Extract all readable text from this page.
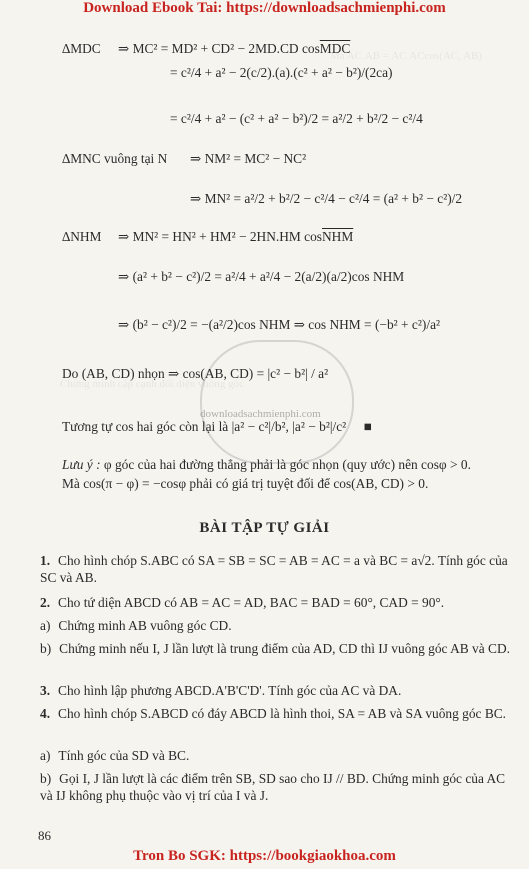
Download Ebook Tai: https://downloadsachmienphi.com
Mà AC.AB = AC.ACcos(AC, AB)
Chứng minh cặp cạnh đối diện vuông góc
∆MDC ⇒ MC² = MD² + CD² − 2MD.CD $\cos\overline{MDC}$
= c²/4 + a² − 2(c/2).(a).(c² + a² − b²)/(2ca)
= c²/4 + a² − (c² + a² − b²)/2 = a²/2 + b²/2 − c²/4
∆MNC vuông tại N ⇒ NM² = MC² − NC²
⇒ MN² = a²/2 + b²/2 − c²/4 − c²/4 = (a² + b² − c²)/2
∆NHM ⇒ MN² = HN² + HM² − 2HN.HM $\cos\overline{NHM}$
⇒ (a² + b² − c²)/2 = a²/4 + a²/4 − 2(a/2)(a/2)cos NHM
⇒ (b² − c²)/2 = −(a²/2)cos NHM ⇒ cos NHM = (−b² + c²)/a²
Do (AB, CD) nhọn ⇒ cos(AB, CD) = |c² − b²| / a²
Tương tự cos hai góc còn lại là |a² − c²|/b², |a² − b²|/c² ■
Lưu ý : φ góc của hai đường thẳng phải là góc nhọn (quy ước) nên cosφ > 0.
Mà cos(π − φ) = −cosφ phải có giá trị tuyệt đối để cos(AB, CD) > 0.
downloadsachmienphi.com
BÀI TẬP TỰ GIẢI
1. Cho hình chóp S.ABC có SA = SB = SC = AB = AC = a và BC = a√2. Tính góc của SC và AB.
2. Cho tứ diện ABCD có AB = AC = AD, BAC = BAD = 60°, CAD = 90°.
a) Chứng minh AB vuông góc CD.
b) Chứng minh nếu I, J lần lượt là trung điểm của AD, CD thì IJ vuông góc AB và CD.
3. Cho hình lập phương ABCD.A'B'C'D'. Tính góc của AC và DA.
4. Cho hình chóp S.ABCD có đáy ABCD là hình thoi, SA = AB và SA vuông góc BC.
a) Tính góc của SD và BC.
b) Gọi I, J lần lượt là các điểm trên SB, SD sao cho IJ // BD. Chứng minh góc của AC và IJ không phụ thuộc vào vị trí của I và J.
86
Tron Bo SGK: https://bookgiaokhoa.com
